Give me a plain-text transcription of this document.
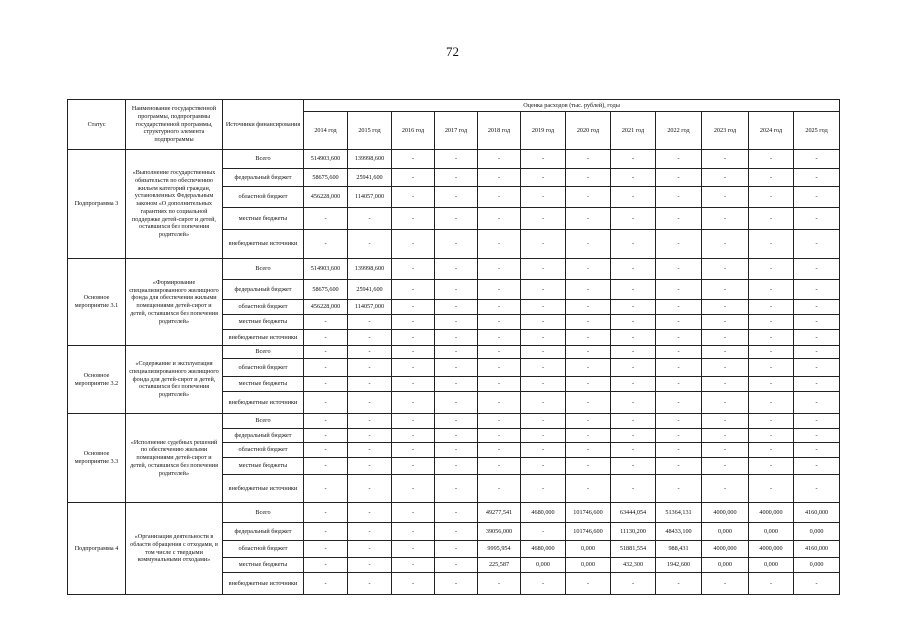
72
Статус	Наименование государственной программы, подпрограммы государственной программы, структурного элемента подпрограммы	Источники финансирования	Оценка расходов (тыс. рублей), годы											
			2014 год	2015 год	2016 год	2017 год	2018 год	2019 год	2020 год	2021 год	2022 год	2023 год	2024 год	2025 год
Подпрограмма 3	«Выполнение государственных обязательств по обеспечению жильем категорий граждан, установленных Федеральным законом «О дополнительных гарантиях по социальной поддержке детей-сирот и детей, оставшихся без попечения родителей»	Всего	514903,600	139998,600	-	-	-	-	-	-	-	-	-	-
		федеральный бюджет	58675,600	25941,600	-	-	-	-	-	-	-	-	-	-
		областной бюджет	456228,000	114057,000	-	-	-	-	-	-	-	-	-	-
		местные бюджеты	-	-	-	-	-	-	-	-	-	-	-	-
		внебюджетные источники	-	-	-	-	-	-	-	-	-	-	-	-
Основное мероприятие 3.1	«Формирование специализированного жилищного фонда для обеспечения жилыми помещениями детей-сирот и детей, оставшихся без попечения родителей»	Всего	514903,600	139998,600	-	-	-	-	-	-	-	-	-	-
		федеральный бюджет	58675,600	25941,600	-	-	-	-	-	-	-	-	-	-
		областной бюджет	456228,000	114057,000	-	-	-	-	-	-	-	-	-	-
		местные бюджеты	-	-	-	-	-	-	-	-	-	-	-	-
		внебюджетные источники	-	-	-	-	-	-	-	-	-	-	-	-
Основное мероприятие 3.2	«Содержание и эксплуатация специализированного жилищного фонда для детей-сирот и детей, оставшихся без попечения родителей»	Всего	-	-	-	-	-	-	-	-	-	-	-	-
		областной бюджет	-	-	-	-	-	-	-	-	-	-	-	-
		местные бюджеты	-	-	-	-	-	-	-	-	-	-	-	-
		внебюджетные источники	-	-	-	-	-	-	-	-	-	-	-	-
Основное мероприятие 3.3	«Исполнение судебных решений по обеспечению жилыми помещениями детей-сирот и детей, оставшихся без попечения родителей»	Всего	-	-	-	-	-	-	-	-	-	-	-	-
		федеральный бюджет	-	-	-	-	-	-	-	-	-	-	-	-
		областной бюджет	-	-	-	-	-	-	-	-	-	-	-	-
		местные бюджеты	-	-	-	-	-	-	-	-	-	-	-	-
		внебюджетные источники	-	-	-	-	-	-	-	-	-	-	-	-
Подпрограмма 4	«Организация деятельности в области обращения с отходами, в том числе с твердыми коммунальными отходами»	Всего	-	-	-	-	49277,541	4680,000	101746,600	63444,054	51364,131	4000,000	4000,000	4160,000
		федеральный бюджет	-	-	-	-	39056,000	-	101746,600	11130,200	48433,100	0,000	0,000	0,000
		областной бюджет	-	-	-	-	9995,954	4680,000	0,000	51881,554	988,431	4000,000	4000,000	4160,000
		местные бюджеты	-	-	-	-	225,587	0,000	0,000	432,300	1942,600	0,000	0,000	0,000
		внебюджетные источники	-	-	-	-	-	-	-	-	-	-	-	-
